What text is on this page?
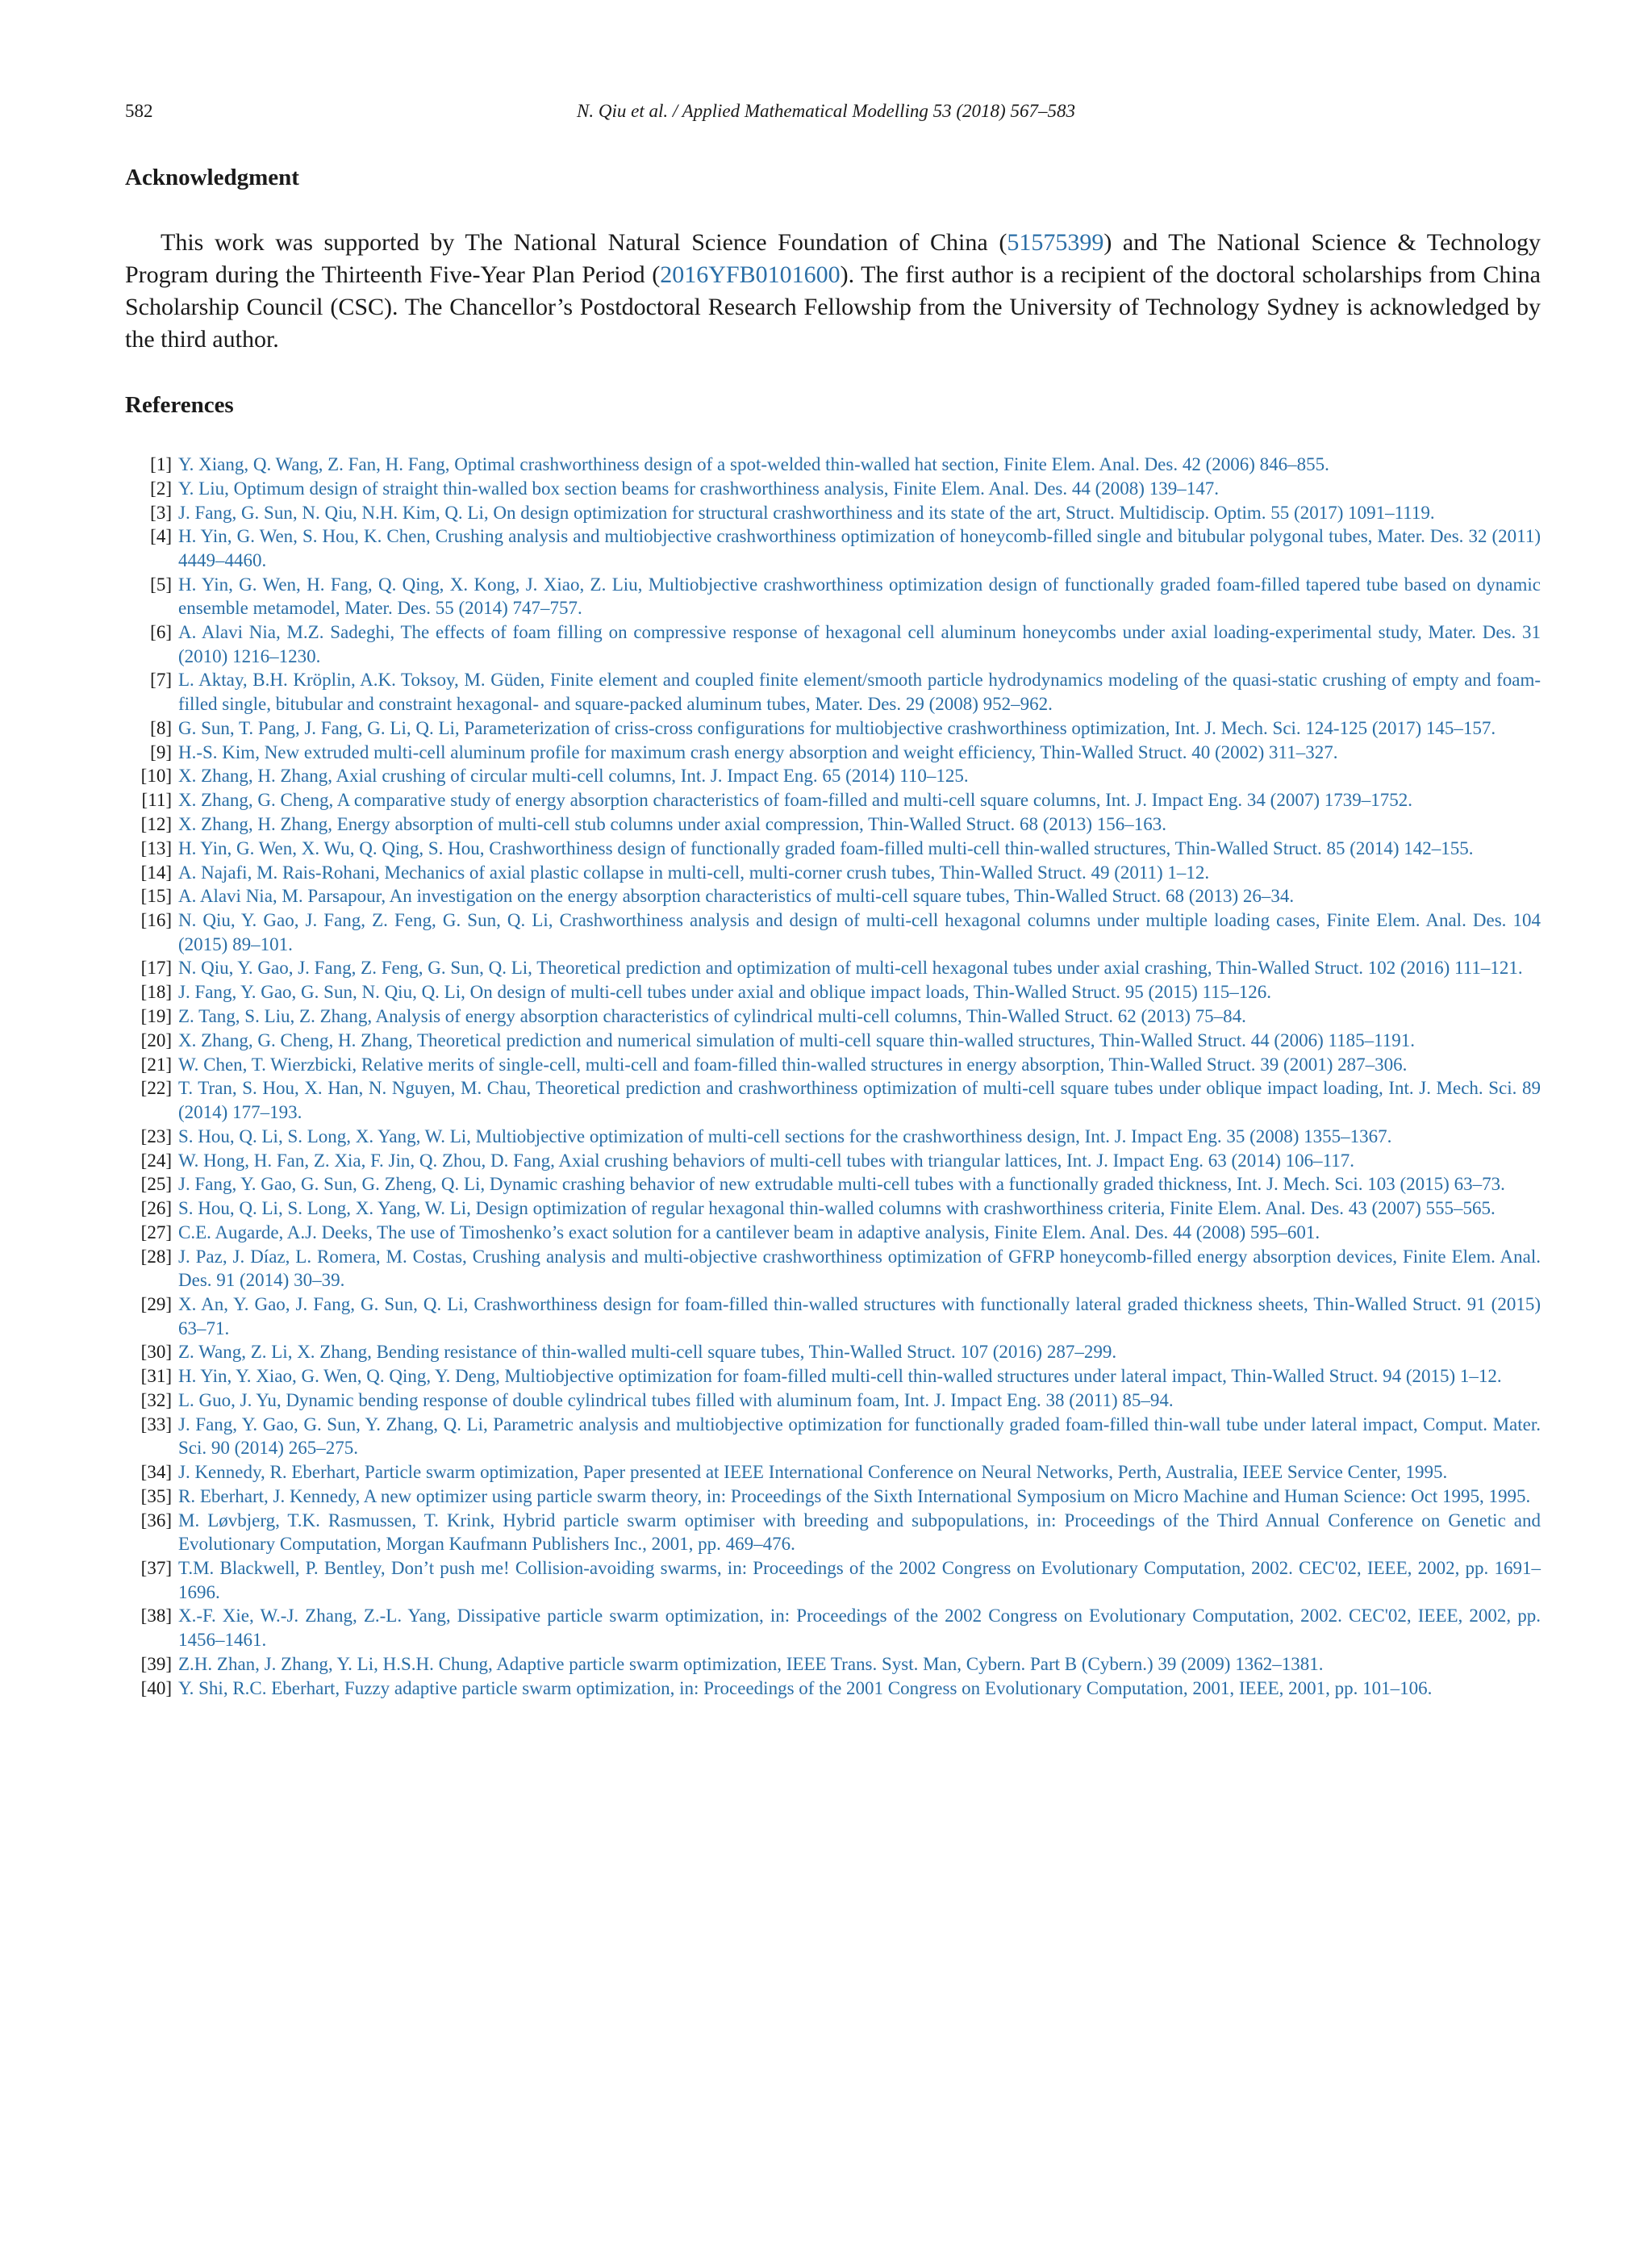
582	N. Qiu et al. / Applied Mathematical Modelling 53 (2018) 567–583
Acknowledgment
This work was supported by The National Natural Science Foundation of China (51575399) and The National Science & Technology Program during the Thirteenth Five-Year Plan Period (2016YFB0101600). The first author is a recipient of the doctoral scholarships from China Scholarship Council (CSC). The Chancellor’s Postdoctoral Research Fellowship from the University of Technology Sydney is acknowledged by the third author.
References
[1] Y. Xiang, Q. Wang, Z. Fan, H. Fang, Optimal crashworthiness design of a spot-welded thin-walled hat section, Finite Elem. Anal. Des. 42 (2006) 846–855.
[2] Y. Liu, Optimum design of straight thin-walled box section beams for crashworthiness analysis, Finite Elem. Anal. Des. 44 (2008) 139–147.
[3] J. Fang, G. Sun, N. Qiu, N.H. Kim, Q. Li, On design optimization for structural crashworthiness and its state of the art, Struct. Multidiscip. Optim. 55 (2017) 1091–1119.
[4] H. Yin, G. Wen, S. Hou, K. Chen, Crushing analysis and multiobjective crashworthiness optimization of honeycomb-filled single and bitubular polygonal tubes, Mater. Des. 32 (2011) 4449–4460.
[5] H. Yin, G. Wen, H. Fang, Q. Qing, X. Kong, J. Xiao, Z. Liu, Multiobjective crashworthiness optimization design of functionally graded foam-filled tapered tube based on dynamic ensemble metamodel, Mater. Des. 55 (2014) 747–757.
[6] A. Alavi Nia, M.Z. Sadeghi, The effects of foam filling on compressive response of hexagonal cell aluminum honeycombs under axial loading-experimental study, Mater. Des. 31 (2010) 1216–1230.
[7] L. Aktay, B.H. Kröplin, A.K. Toksoy, M. Güden, Finite element and coupled finite element/smooth particle hydrodynamics modeling of the quasi-static crushing of empty and foam-filled single, bitubular and constraint hexagonal- and square-packed aluminum tubes, Mater. Des. 29 (2008) 952–962.
[8] G. Sun, T. Pang, J. Fang, G. Li, Q. Li, Parameterization of criss-cross configurations for multiobjective crashworthiness optimization, Int. J. Mech. Sci. 124-125 (2017) 145–157.
[9] H.-S. Kim, New extruded multi-cell aluminum profile for maximum crash energy absorption and weight efficiency, Thin-Walled Struct. 40 (2002) 311–327.
[10] X. Zhang, H. Zhang, Axial crushing of circular multi-cell columns, Int. J. Impact Eng. 65 (2014) 110–125.
[11] X. Zhang, G. Cheng, A comparative study of energy absorption characteristics of foam-filled and multi-cell square columns, Int. J. Impact Eng. 34 (2007) 1739–1752.
[12] X. Zhang, H. Zhang, Energy absorption of multi-cell stub columns under axial compression, Thin-Walled Struct. 68 (2013) 156–163.
[13] H. Yin, G. Wen, X. Wu, Q. Qing, S. Hou, Crashworthiness design of functionally graded foam-filled multi-cell thin-walled structures, Thin-Walled Struct. 85 (2014) 142–155.
[14] A. Najafi, M. Rais-Rohani, Mechanics of axial plastic collapse in multi-cell, multi-corner crush tubes, Thin-Walled Struct. 49 (2011) 1–12.
[15] A. Alavi Nia, M. Parsapour, An investigation on the energy absorption characteristics of multi-cell square tubes, Thin-Walled Struct. 68 (2013) 26–34.
[16] N. Qiu, Y. Gao, J. Fang, Z. Feng, G. Sun, Q. Li, Crashworthiness analysis and design of multi-cell hexagonal columns under multiple loading cases, Finite Elem. Anal. Des. 104 (2015) 89–101.
[17] N. Qiu, Y. Gao, J. Fang, Z. Feng, G. Sun, Q. Li, Theoretical prediction and optimization of multi-cell hexagonal tubes under axial crashing, Thin-Walled Struct. 102 (2016) 111–121.
[18] J. Fang, Y. Gao, G. Sun, N. Qiu, Q. Li, On design of multi-cell tubes under axial and oblique impact loads, Thin-Walled Struct. 95 (2015) 115–126.
[19] Z. Tang, S. Liu, Z. Zhang, Analysis of energy absorption characteristics of cylindrical multi-cell columns, Thin-Walled Struct. 62 (2013) 75–84.
[20] X. Zhang, G. Cheng, H. Zhang, Theoretical prediction and numerical simulation of multi-cell square thin-walled structures, Thin-Walled Struct. 44 (2006) 1185–1191.
[21] W. Chen, T. Wierzbicki, Relative merits of single-cell, multi-cell and foam-filled thin-walled structures in energy absorption, Thin-Walled Struct. 39 (2001) 287–306.
[22] T. Tran, S. Hou, X. Han, N. Nguyen, M. Chau, Theoretical prediction and crashworthiness optimization of multi-cell square tubes under oblique impact loading, Int. J. Mech. Sci. 89 (2014) 177–193.
[23] S. Hou, Q. Li, S. Long, X. Yang, W. Li, Multiobjective optimization of multi-cell sections for the crashworthiness design, Int. J. Impact Eng. 35 (2008) 1355–1367.
[24] W. Hong, H. Fan, Z. Xia, F. Jin, Q. Zhou, D. Fang, Axial crushing behaviors of multi-cell tubes with triangular lattices, Int. J. Impact Eng. 63 (2014) 106–117.
[25] J. Fang, Y. Gao, G. Sun, G. Zheng, Q. Li, Dynamic crashing behavior of new extrudable multi-cell tubes with a functionally graded thickness, Int. J. Mech. Sci. 103 (2015) 63–73.
[26] S. Hou, Q. Li, S. Long, X. Yang, W. Li, Design optimization of regular hexagonal thin-walled columns with crashworthiness criteria, Finite Elem. Anal. Des. 43 (2007) 555–565.
[27] C.E. Augarde, A.J. Deeks, The use of Timoshenko’s exact solution for a cantilever beam in adaptive analysis, Finite Elem. Anal. Des. 44 (2008) 595–601.
[28] J. Paz, J. Díaz, L. Romera, M. Costas, Crushing analysis and multi-objective crashworthiness optimization of GFRP honeycomb-filled energy absorption devices, Finite Elem. Anal. Des. 91 (2014) 30–39.
[29] X. An, Y. Gao, J. Fang, G. Sun, Q. Li, Crashworthiness design for foam-filled thin-walled structures with functionally lateral graded thickness sheets, Thin-Walled Struct. 91 (2015) 63–71.
[30] Z. Wang, Z. Li, X. Zhang, Bending resistance of thin-walled multi-cell square tubes, Thin-Walled Struct. 107 (2016) 287–299.
[31] H. Yin, Y. Xiao, G. Wen, Q. Qing, Y. Deng, Multiobjective optimization for foam-filled multi-cell thin-walled structures under lateral impact, Thin-Walled Struct. 94 (2015) 1–12.
[32] L. Guo, J. Yu, Dynamic bending response of double cylindrical tubes filled with aluminum foam, Int. J. Impact Eng. 38 (2011) 85–94.
[33] J. Fang, Y. Gao, G. Sun, Y. Zhang, Q. Li, Parametric analysis and multiobjective optimization for functionally graded foam-filled thin-wall tube under lateral impact, Comput. Mater. Sci. 90 (2014) 265–275.
[34] J. Kennedy, R. Eberhart, Particle swarm optimization, Paper presented at IEEE International Conference on Neural Networks, Perth, Australia, IEEE Service Center, 1995.
[35] R. Eberhart, J. Kennedy, A new optimizer using particle swarm theory, in: Proceedings of the Sixth International Symposium on Micro Machine and Human Science: Oct 1995, 1995.
[36] M. Løvbjerg, T.K. Rasmussen, T. Krink, Hybrid particle swarm optimiser with breeding and subpopulations, in: Proceedings of the Third Annual Conference on Genetic and Evolutionary Computation, Morgan Kaufmann Publishers Inc., 2001, pp. 469–476.
[37] T.M. Blackwell, P. Bentley, Don’t push me! Collision-avoiding swarms, in: Proceedings of the 2002 Congress on Evolutionary Computation, 2002. CEC'02, IEEE, 2002, pp. 1691–1696.
[38] X.-F. Xie, W.-J. Zhang, Z.-L. Yang, Dissipative particle swarm optimization, in: Proceedings of the 2002 Congress on Evolutionary Computation, 2002. CEC'02, IEEE, 2002, pp. 1456–1461.
[39] Z.H. Zhan, J. Zhang, Y. Li, H.S.H. Chung, Adaptive particle swarm optimization, IEEE Trans. Syst. Man, Cybern. Part B (Cybern.) 39 (2009) 1362–1381.
[40] Y. Shi, R.C. Eberhart, Fuzzy adaptive particle swarm optimization, in: Proceedings of the 2001 Congress on Evolutionary Computation, 2001, IEEE, 2001, pp. 101–106.
